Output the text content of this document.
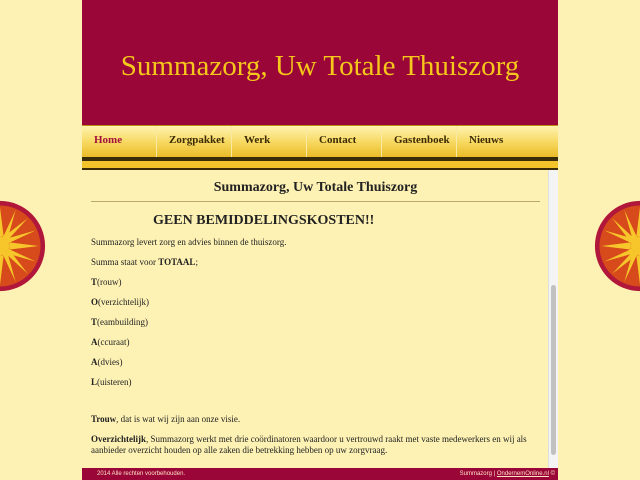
Summazorg, Uw Totale Thuiszorg
Home	Zorgpakket	Werk	Contact	Gastenboek	Nieuws
Summazorg, Uw Totale Thuiszorg
GEEN BEMIDDELINGSKOSTEN!!

Summazorg levert zorg en advies binnen de thuiszorg.

Summa staat voor TOTAAL;

T(rouw)

O(verzichtelijk)

T(eambuilding)

A(ccuraat)

A(dvies)

L(uisteren)

Trouw, dat is wat wij zijn aan onze visie.

Overzichtelijk, Summazorg werkt met drie coördinatoren waardoor u vertrouwd raakt met vaste medewerkers en wij als aanbieder overzicht houden op alle zaken die betrekking hebben op uw zorgvraag.

2014 Alle rechten voorbehouden.	Summazorg | OndernemOnline.nl ©
